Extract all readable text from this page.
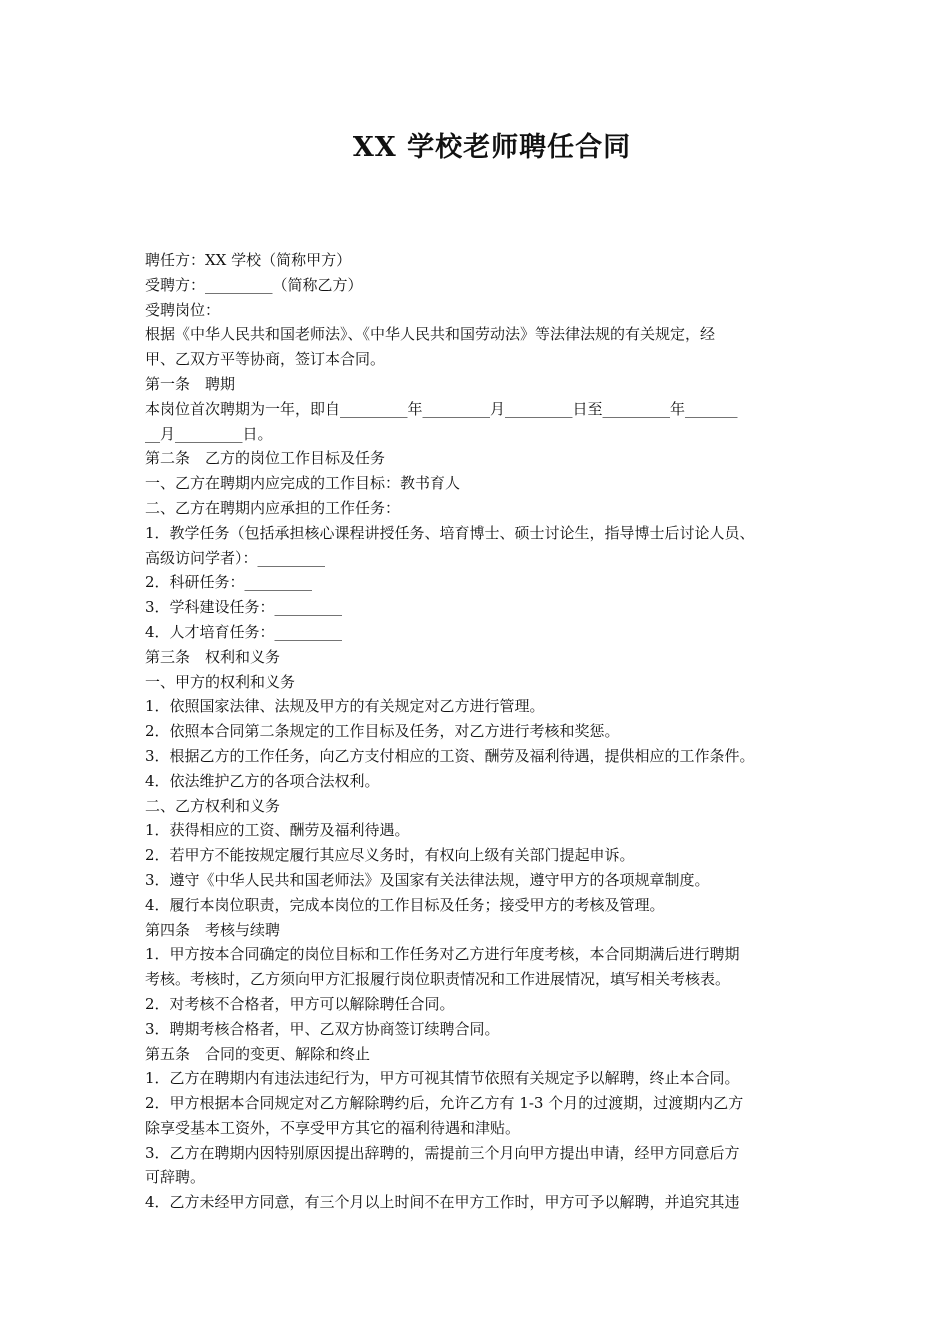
XX 学校老师聘任合同
聘任方：XX 学校（简称甲方）
受聘方：_________（简称乙方）
受聘岗位：
根据《中华人民共和国老师法》、《中华人民共和国劳动法》等法律法规的有关规定，经
甲、乙双方平等协商，签订本合同。
第一条　聘期
本岗位首次聘期为一年，即自_________年_________月_________日至_________年_______
__月_________日。
第二条　乙方的岗位工作目标及任务
一、乙方在聘期内应完成的工作目标：教书育人
二、乙方在聘期内应承担的工作任务：
1．教学任务（包括承担核心课程讲授任务、培育博士、硕士讨论生，指导博士后讨论人员、
高级访问学者）：_________
2．科研任务：_________
3．学科建设任务：_________
4．人才培育任务：_________
第三条　权利和义务
一、甲方的权利和义务
1．依照国家法律、法规及甲方的有关规定对乙方进行管理。
2．依照本合同第二条规定的工作目标及任务，对乙方进行考核和奖惩。
3．根据乙方的工作任务，向乙方支付相应的工资、酬劳及福利待遇，提供相应的工作条件。
4．依法维护乙方的各项合法权利。
二、乙方权利和义务
1．获得相应的工资、酬劳及福利待遇。
2．若甲方不能按规定履行其应尽义务时，有权向上级有关部门提起申诉。
3．遵守《中华人民共和国老师法》及国家有关法律法规，遵守甲方的各项规章制度。
4．履行本岗位职责，完成本岗位的工作目标及任务；接受甲方的考核及管理。
第四条　考核与续聘
1．甲方按本合同确定的岗位目标和工作任务对乙方进行年度考核，本合同期满后进行聘期
考核。考核时，乙方须向甲方汇报履行岗位职责情况和工作进展情况，填写相关考核表。
2．对考核不合格者，甲方可以解除聘任合同。
3．聘期考核合格者，甲、乙双方协商签订续聘合同。
第五条　合同的变更、解除和终止
1．乙方在聘期内有违法违纪行为，甲方可视其情节依照有关规定予以解聘，终止本合同。
2．甲方根据本合同规定对乙方解除聘约后，允许乙方有 1-3 个月的过渡期，过渡期内乙方
除享受基本工资外，不享受甲方其它的福利待遇和津贴。
3．乙方在聘期内因特别原因提出辞聘的，需提前三个月向甲方提出申请，经甲方同意后方
可辞聘。
4．乙方未经甲方同意，有三个月以上时间不在甲方工作时，甲方可予以解聘，并追究其违
